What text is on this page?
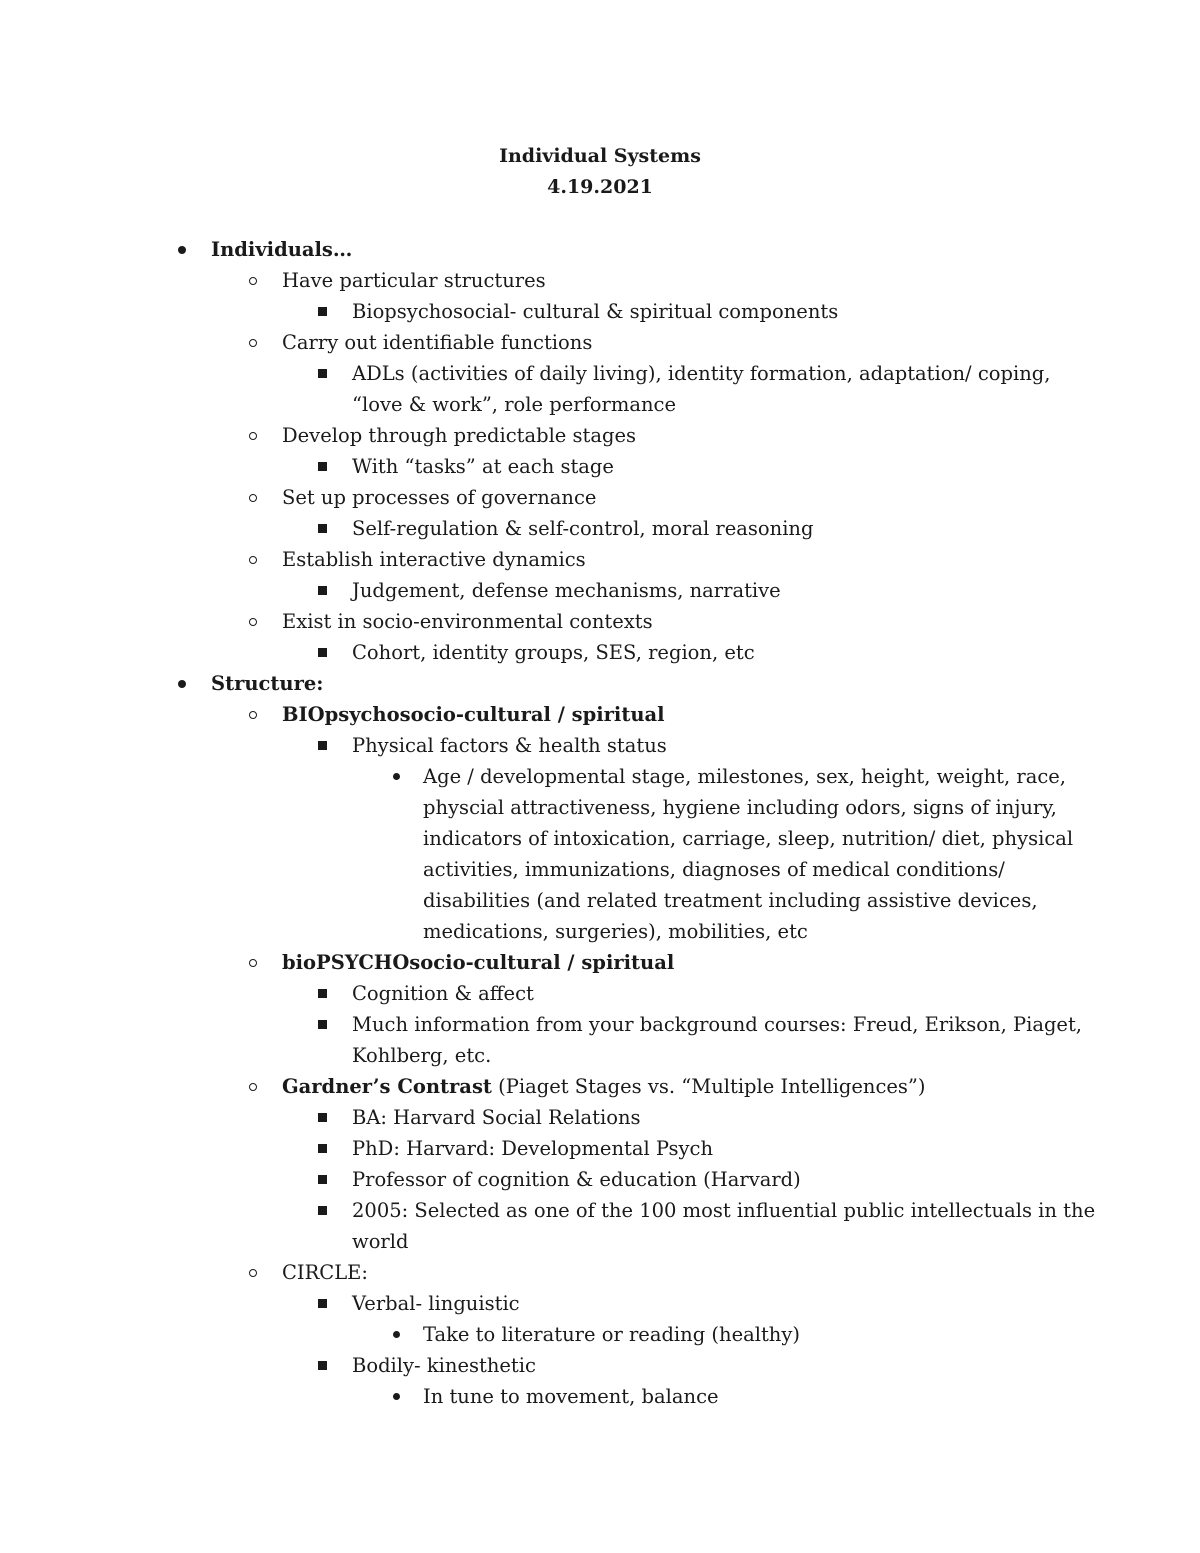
Individual Systems
4.19.2021
Individuals…
Have particular structures
Biopsychosocial- cultural & spiritual components
Carry out identifiable functions
ADLs (activities of daily living), identity formation, adaptation/ coping,
“love & work”, role performance
Develop through predictable stages
With “tasks” at each stage
Set up processes of governance
Self-regulation & self-control, moral reasoning
Establish interactive dynamics
Judgement, defense mechanisms, narrative
Exist in socio-environmental contexts
Cohort, identity groups, SES, region, etc
Structure:
BIOpsychosocio-cultural / spiritual
Physical factors & health status
Age / developmental stage, milestones, sex, height, weight, race,
physcial attractiveness, hygiene including odors, signs of injury,
indicators of intoxication, carriage, sleep, nutrition/ diet, physical
activities, immunizations, diagnoses of medical conditions/
disabilities (and related treatment including assistive devices,
medications, surgeries), mobilities, etc
bioPSYCHOsocio-cultural / spiritual
Cognition & affect
Much information from your background courses: Freud, Erikson, Piaget,
Kohlberg, etc.
Gardner’s Contrast (Piaget Stages vs. “Multiple Intelligences”)
BA: Harvard Social Relations
PhD: Harvard: Developmental Psych
Professor of cognition & education (Harvard)
2005: Selected as one of the 100 most influential public intellectuals in the
world
CIRCLE:
Verbal- linguistic
Take to literature or reading (healthy)
Bodily- kinesthetic
In tune to movement, balance
